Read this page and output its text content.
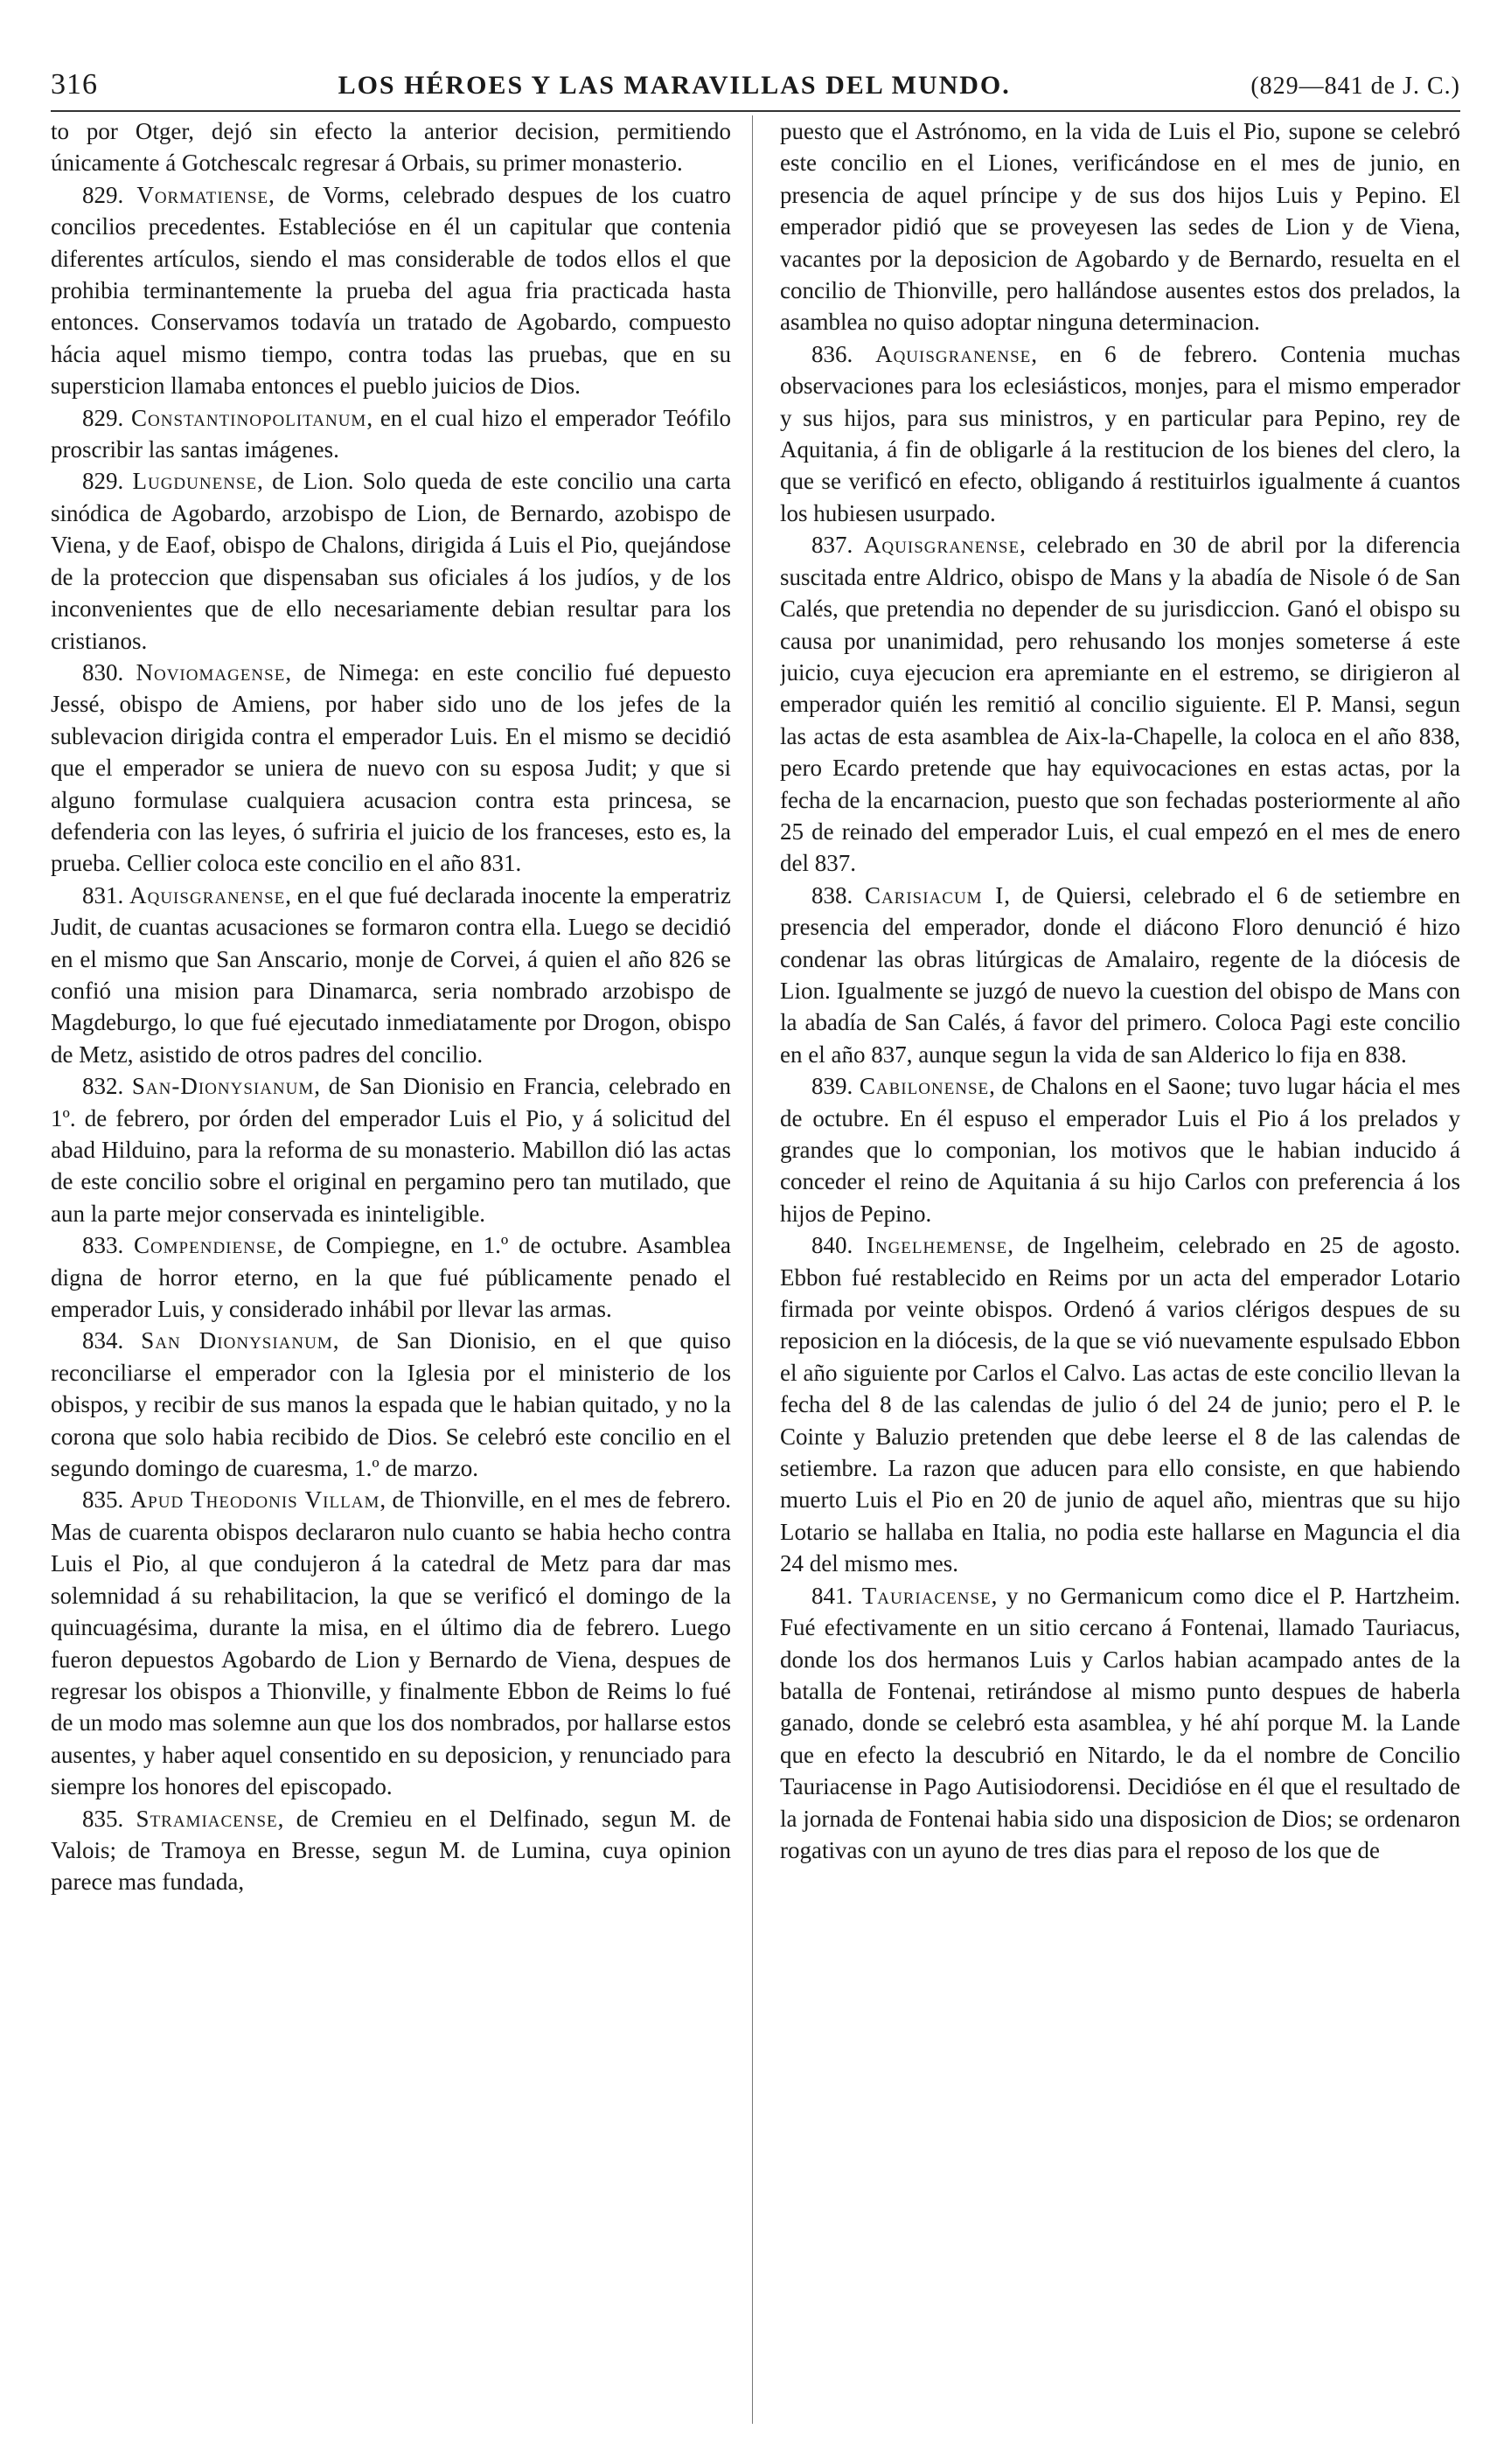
316	LOS HÉROES Y LAS MARAVILLAS DEL MUNDO.	(829—841 de J. C.)

to por Otger, dejó sin efecto la anterior decision, permitiendo únicamente á Gotchescalc regresar á Orbais, su primer monasterio.

829. Vormatiense, de Vorms, celebrado despues de los cuatro concilios precedentes. Establecióse en él un capitular que contenia diferentes artículos, siendo el mas considerable de todos ellos el que prohibia terminantemente la prueba del agua fria practicada hasta entonces. Conservamos todavía un tratado de Agobardo, compuesto hácia aquel mismo tiempo, contra todas las pruebas, que en su supersticion llamaba entonces el pueblo juicios de Dios.

829. Constantinopolitanum, en el cual hizo el emperador Teófilo proscribir las santas imágenes.

829. Lugdunense, de Lion. Solo queda de este concilio una carta sinódica de Agobardo, arzobispo de Lion, de Bernardo, azobispo de Viena, y de Eaof, obispo de Chalons, dirigida á Luis el Pio, quejándose de la proteccion que dispensaban sus oficiales á los judíos, y de los inconvenientes que de ello necesariamente debian resultar para los cristianos.

830. Noviomagense, de Nimega: en este concilio fué depuesto Jessé, obispo de Amiens, por haber sido uno de los jefes de la sublevacion dirigida contra el emperador Luis. En el mismo se decidió que el emperador se uniera de nuevo con su esposa Judit; y que si alguno formulase cualquiera acusacion contra esta princesa, se defenderia con las leyes, ó sufriria el juicio de los franceses, esto es, la prueba. Cellier coloca este concilio en el año 831.

831. Aquisgranense, en el que fué declarada inocente la emperatriz Judit, de cuantas acusaciones se formaron contra ella. Luego se decidió en el mismo que San Anscario, monje de Corvei, á quien el año 826 se confió una mision para Dinamarca, seria nombrado arzobispo de Magdeburgo, lo que fué ejecutado inmediatamente por Drogon, obispo de Metz, asistido de otros padres del concilio.

832. San-Dionysianum, de San Dionisio en Francia, celebrado en 1º. de febrero, por órden del emperador Luis el Pio, y á solicitud del abad Hilduino, para la reforma de su monasterio. Mabillon dió las actas de este concilio sobre el original en pergamino pero tan mutilado, que aun la parte mejor conservada es ininteligible.

833. Compendiense, de Compiegne, en 1.º de octubre. Asamblea digna de horror eterno, en la que fué públicamente penado el emperador Luis, y considerado inhábil por llevar las armas.

834. San Dionysianum, de San Dionisio, en el que quiso reconciliarse el emperador con la Iglesia por el ministerio de los obispos, y recibir de sus manos la espada que le habian quitado, y no la corona que solo habia recibido de Dios. Se celebró este concilio en el segundo domingo de cuaresma, 1.º de marzo.

835. Apud Theodonis Villam, de Thionville, en el mes de febrero. Mas de cuarenta obispos declararon nulo cuanto se habia hecho contra Luis el Pio, al que condujeron á la catedral de Metz para dar mas solemnidad á su rehabilitacion, la que se verificó el domingo de la quincuagésima, durante la misa, en el último dia de febrero. Luego fueron depuestos Agobardo de Lion y Bernardo de Viena, despues de regresar los obispos a Thionville, y finalmente Ebbon de Reims lo fué de un modo mas solemne aun que los dos nombrados, por hallarse estos ausentes, y haber aquel consentido en su deposicion, y renunciado para siempre los honores del episcopado.

835. Stramiacense, de Cremieu en el Delfinado, segun M. de Valois; de Tramoya en Bresse, segun M. de Lumina, cuya opinion parece mas fundada,

puesto que el Astrónomo, en la vida de Luis el Pio, supone se celebró este concilio en el Liones, verificándose en el mes de junio, en presencia de aquel príncipe y de sus dos hijos Luis y Pepino. El emperador pidió que se proveyesen las sedes de Lion y de Viena, vacantes por la deposicion de Agobardo y de Bernardo, resuelta en el concilio de Thionville, pero hallándose ausentes estos dos prelados, la asamblea no quiso adoptar ninguna determinacion.

836. Aquisgranense, en 6 de febrero. Contenia muchas observaciones para los eclesiásticos, monjes, para el mismo emperador y sus hijos, para sus ministros, y en particular para Pepino, rey de Aquitania, á fin de obligarle á la restitucion de los bienes del clero, la que se verificó en efecto, obligando á restituirlos igualmente á cuantos los hubiesen usurpado.

837. Aquisgranense, celebrado en 30 de abril por la diferencia suscitada entre Aldrico, obispo de Mans y la abadía de Nisole ó de San Calés, que pretendia no depender de su jurisdiccion. Ganó el obispo su causa por unanimidad, pero rehusando los monjes someterse á este juicio, cuya ejecucion era apremiante en el estremo, se dirigieron al emperador quién les remitió al concilio siguiente. El P. Mansi, segun las actas de esta asamblea de Aix-la-Chapelle, la coloca en el año 838, pero Ecardo pretende que hay equivocaciones en estas actas, por la fecha de la encarnacion, puesto que son fechadas posteriormente al año 25 de reinado del emperador Luis, el cual empezó en el mes de enero del 837.

838. Carisiacum I, de Quiersi, celebrado el 6 de setiembre en presencia del emperador, donde el diácono Floro denunció é hizo condenar las obras litúrgicas de Amalairo, regente de la diócesis de Lion. Igualmente se juzgó de nuevo la cuestion del obispo de Mans con la abadía de San Calés, á favor del primero. Coloca Pagi este concilio en el año 837, aunque segun la vida de san Alderico lo fija en 838.

839. Cabilonense, de Chalons en el Saone; tuvo lugar hácia el mes de octubre. En él espuso el emperador Luis el Pio á los prelados y grandes que lo componian, los motivos que le habian inducido á conceder el reino de Aquitania á su hijo Carlos con preferencia á los hijos de Pepino.

840. Ingelhemense, de Ingelheim, celebrado en 25 de agosto. Ebbon fué restablecido en Reims por un acta del emperador Lotario firmada por veinte obispos. Ordenó á varios clérigos despues de su reposicion en la diócesis, de la que se vió nuevamente espulsado Ebbon el año siguiente por Carlos el Calvo. Las actas de este concilio llevan la fecha del 8 de las calendas de julio ó del 24 de junio; pero el P. le Cointe y Baluzio pretenden que debe leerse el 8 de las calendas de setiembre. La razon que aducen para ello consiste, en que habiendo muerto Luis el Pio en 20 de junio de aquel año, mientras que su hijo Lotario se hallaba en Italia, no podia este hallarse en Maguncia el dia 24 del mismo mes.

841. Tauriacense, y no Germanicum como dice el P. Hartzheim. Fué efectivamente en un sitio cercano á Fontenai, llamado Tauriacus, donde los dos hermanos Luis y Carlos habian acampado antes de la batalla de Fontenai, retirándose al mismo punto despues de haberla ganado, donde se celebró esta asamblea, y hé ahí porque M. la Lande que en efecto la descubrió en Nitardo, le da el nombre de Concilio Tauriacense in Pago Autisiodorensi. Decidióse en él que el resultado de la jornada de Fontenai habia sido una disposicion de Dios; se ordenaron rogativas con un ayuno de tres dias para el reposo de los que de
